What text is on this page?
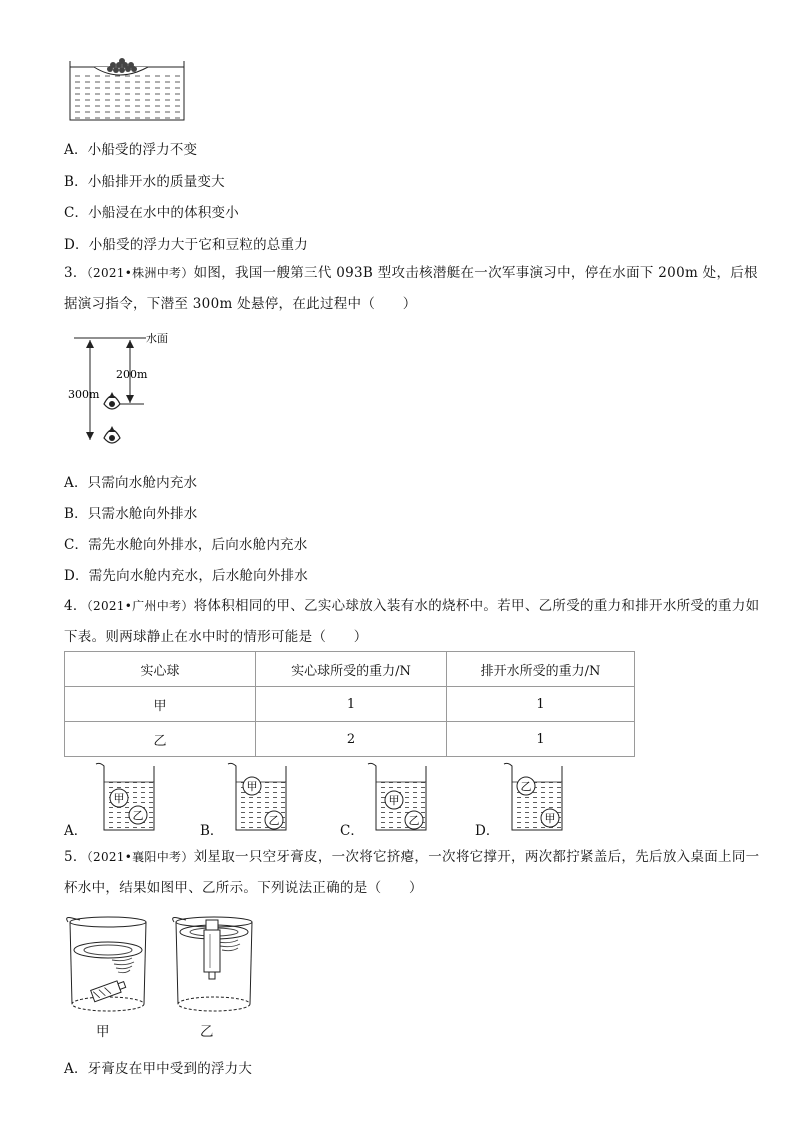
A．小船受的浮力不变
B．小船排开水的质量变大
C．小船浸在水中的体积变小
D．小船受的浮力大于它和豆粒的总重力
3．（2021•株洲中考）如图，我国一艘第三代 093B 型攻击核潜艇在一次军事演习中，停在水面下 200m 处，后根据演习指令，下潜至 300m 处悬停，在此过程中（　　）
水面
300m
200m
A．只需向水舱内充水
B．只需水舱向外排水
C．需先水舱向外排水，后向水舱内充水
D．需先向水舱内充水，后水舱向外排水
4．（2021•广州中考）将体积相同的甲、乙实心球放入装有水的烧杯中。若甲、乙所受的重力和排开水所受的重力如下表。则两球静止在水中时的情形可能是（　　）
实心球	实心球所受的重力/N	排开水所受的重力/N
甲	1	1
乙	2	1
A．
甲
乙
B．
甲
乙
C．
甲
乙
D．
乙
甲
5．（2021•襄阳中考）刘星取一只空牙膏皮，一次将它挤瘪，一次将它撑开，两次都拧紧盖后，先后放入桌面上同一杯水中，结果如图甲、乙所示。下列说法正确的是（　　）
甲	乙
A．牙膏皮在甲中受到的浮力大
